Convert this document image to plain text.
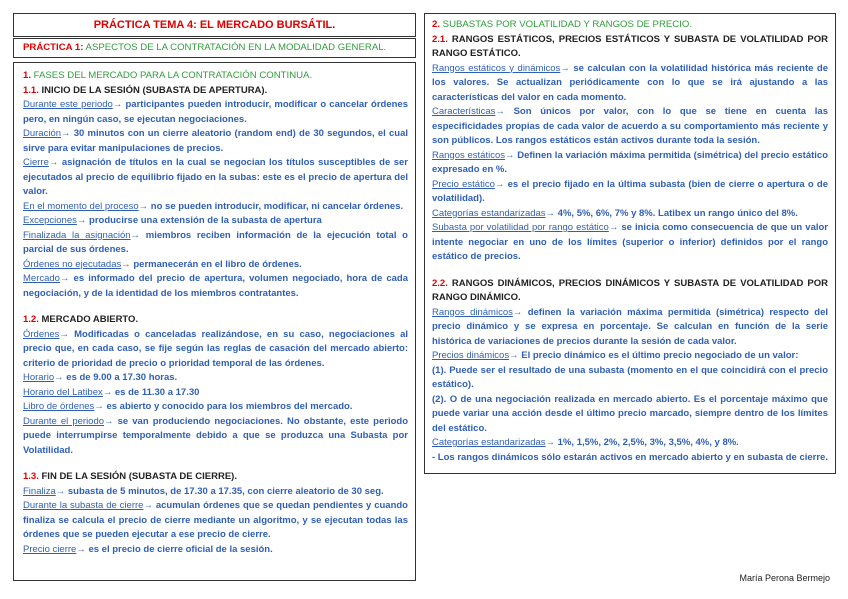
PRÁCTICA TEMA 4: EL MERCADO BURSÁTIL.
PRÁCTICA 1: ASPECTOS DE LA CONTRATACIÓN EN LA MODALIDAD GENERAL.

1. FASES DEL MERCADO PARA LA CONTRATACIÓN CONTINUA.

1.1. INICIO DE LA SESIÓN (SUBASTA DE APERTURA).

Durante este periodo→ participantes pueden introducir, modificar o cancelar órdenes pero, en ningún caso, se ejecutan negociaciones.

Duración→ 30 minutos con un cierre aleatorio (random end) de 30 segundos, el cual sirve para evitar manipulaciones de precios.

Cierre→ asignación de títulos en la cual se negocian los títulos susceptibles de ser ejecutados al precio de equilibrio fijado en la subas: este es el precio de apertura del valor.

En el momento del proceso→ no se pueden introducir, modificar, ni cancelar órdenes.

Excepciones→ producirse una extensión de la subasta de apertura

Finalizada la asignación→ miembros reciben información de la ejecución total o parcial de sus órdenes.

Órdenes no ejecutadas→ permanecerán en el libro de órdenes.

Mercado→ es informado del precio de apertura, volumen negociado, hora de cada negociación, y de la identidad de los miembros contratantes.

1.2. MERCADO ABIERTO.

Órdenes→ Modificadas o canceladas realizándose, en su caso, negociaciones al precio que, en cada caso, se fije según las reglas de casación del mercado abierto: criterio de prioridad de precio o prioridad temporal de las órdenes.

Horario→ es de 9.00 a 17.30 horas.

Horario del Latibex→ es de 11.30 a 17.30

Libro de órdenes→ es abierto y conocido para los miembros del mercado.

Durante el periodo→ se van produciendo negociaciones. No obstante, este periodo puede interrumpirse temporalmente debido a que se produzca una Subasta por Volatilidad.

1.3. FIN DE LA SESIÓN (SUBASTA DE CIERRE).

Finaliza→ subasta de 5 minutos, de 17.30 a 17.35, con cierre aleatorio de 30 seg.

Durante la subasta de cierre→ acumulan órdenes que se quedan pendientes y cuando finaliza se calcula el precio de cierre mediante un algoritmo, y se ejecutan todas las órdenes que se pueden ejecutar a ese precio de cierre.

Precio cierre→ es el precio de cierre oficial de la sesión.

2. SUBASTAS POR VOLATILIDAD Y RANGOS DE PRECIO.

2.1. RANGOS ESTÁTICOS, PRECIOS ESTÁTICOS Y SUBASTA DE VOLATILIDAD POR RANGO ESTÁTICO.

Rangos estáticos y dinámicos→ se calculan con la volatilidad histórica más reciente de los valores. Se actualizan periódicamente con lo que se irá ajustando a las características del valor en cada momento.

Características→ Son únicos por valor, con lo que se tiene en cuenta las especificidades propias de cada valor de acuerdo a su comportamiento más reciente y son públicos. Los rangos estáticos están activos durante toda la sesión.

Rangos estáticos→ Definen la variación máxima permitida (simétrica) del precio estático expresado en %.

Precio estático→ es el precio fijado en la última subasta (bien de cierre o apertura o de volatilidad).

Categorías estandarizadas→ 4%, 5%, 6%, 7% y 8%. Latibex un rango único del 8%.

Subasta por volatilidad por rango estático→ se inicia como consecuencia de que un valor intente negociar en uno de los límites (superior o inferior) definidos por el rango estático de precios.

2.2. RANGOS DINÁMICOS, PRECIOS DINÁMICOS Y SUBASTA DE VOLATILIDAD POR RANGO DINÁMICO.

Rangos dinámicos→ definen la variación máxima permitida (simétrica) respecto del precio dinámico y se expresa en porcentaje. Se calculan en función de la serie histórica de variaciones de precios durante la sesión de cada valor.

Precios dinámicos→ El precio dinámico es el último precio negociado de un valor:

(1). Puede ser el resultado de una subasta (momento en el que coincidirá con el precio estático).

(2). O de una negociación realizada en mercado abierto. Es el porcentaje máximo que puede variar una acción desde el último precio marcado, siempre dentro de los límites del estático.

Categorías estandarizadas→ 1%, 1,5%, 2%, 2,5%, 3%, 3,5%, 4%, y 8%.

- Los rangos dinámicos sólo estarán activos en mercado abierto y en subasta de cierre.

María Perona Bermejo
